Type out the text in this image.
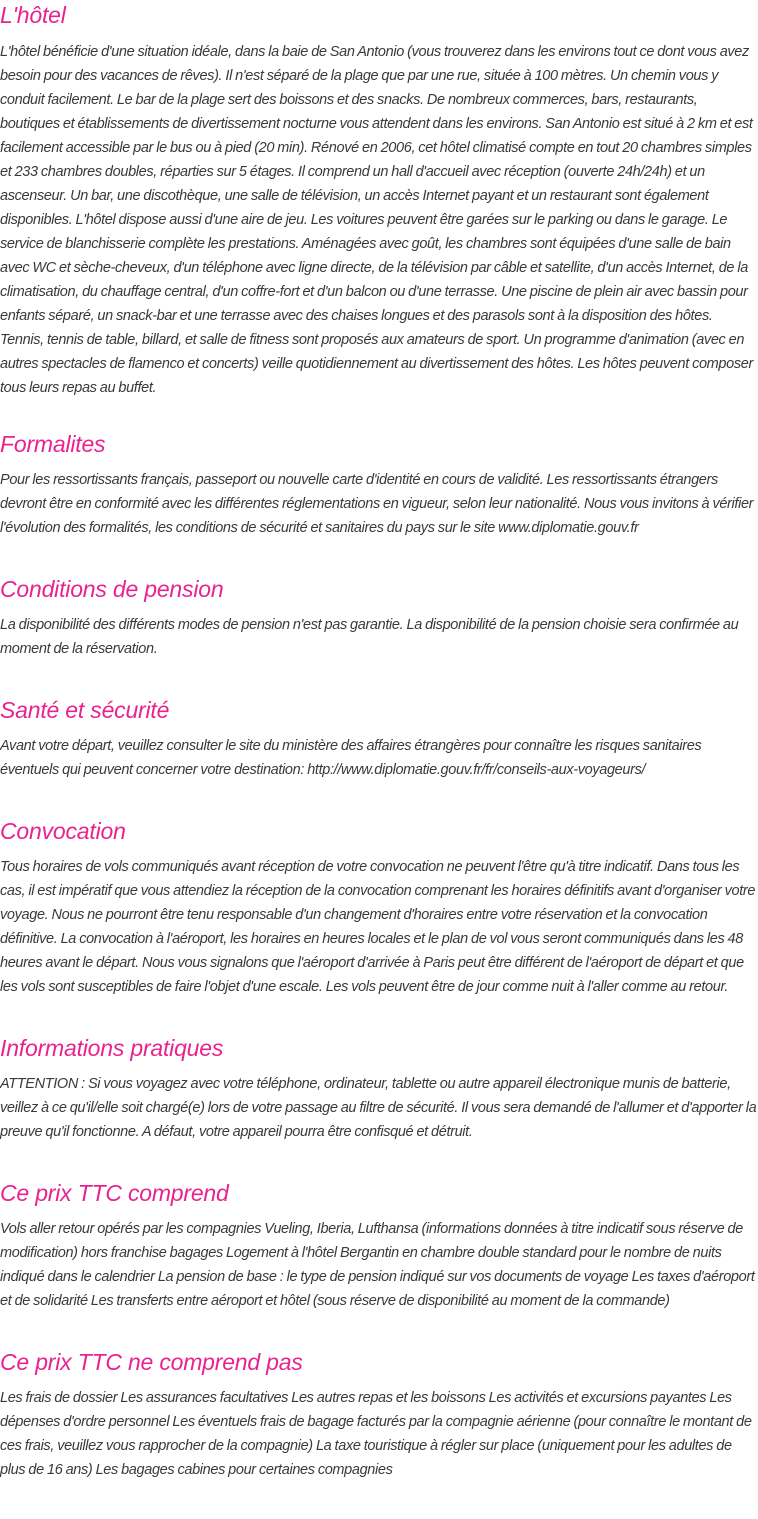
L'hôtel

L'hôtel bénéficie d'une situation idéale, dans la baie de San Antonio (vous trouverez dans les environs tout ce dont vous avez besoin pour des vacances de rêves). Il n'est séparé de la plage que par une rue, située à 100 mètres. Un chemin vous y conduit facilement. Le bar de la plage sert des boissons et des snacks. De nombreux commerces, bars, restaurants, boutiques et établissements de divertissement nocturne vous attendent dans les environs. San Antonio est situé à 2 km et est facilement accessible par le bus ou à pied (20 min). Rénové en 2006, cet hôtel climatisé compte en tout 20 chambres simples et 233 chambres doubles, réparties sur 5 étages. Il comprend un hall d'accueil avec réception (ouverte 24h/24h) et un ascenseur. Un bar, une discothèque, une salle de télévision, un accès Internet payant et un restaurant sont également disponibles. L'hôtel dispose aussi d'une aire de jeu. Les voitures peuvent être garées sur le parking ou dans le garage. Le service de blanchisserie complète les prestations. Aménagées avec goût, les chambres sont équipées d'une salle de bain avec WC et sèche-cheveux, d'un téléphone avec ligne directe, de la télévision par câble et satellite, d'un accès Internet, de la climatisation, du chauffage central, d'un coffre-fort et d'un balcon ou d'une terrasse. Une piscine de plein air avec bassin pour enfants séparé, un snack-bar et une terrasse avec des chaises longues et des parasols sont à la disposition des hôtes. Tennis, tennis de table, billard, et salle de fitness sont proposés aux amateurs de sport. Un programme d'animation (avec en autres spectacles de flamenco et concerts) veille quotidiennement au divertissement des hôtes. Les hôtes peuvent composer tous leurs repas au buffet.

Formalites

Pour les ressortissants français, passeport ou nouvelle carte d'identité en cours de validité. Les ressortissants étrangers devront être en conformité avec les différentes réglementations en vigueur, selon leur nationalité. Nous vous invitons à vérifier l'évolution des formalités, les conditions de sécurité et sanitaires du pays sur le site www.diplomatie.gouv.fr

Conditions de pension

La disponibilité des différents modes de pension n'est pas garantie. La disponibilité de la pension choisie sera confirmée au moment de la réservation.

Santé et sécurité

Avant votre départ, veuillez consulter le site du ministère des affaires étrangères pour connaître les risques sanitaires éventuels qui peuvent concerner votre destination: http://www.diplomatie.gouv.fr/fr/conseils-aux-voyageurs/

Convocation

Tous horaires de vols communiqués avant réception de votre convocation ne peuvent l'être qu'à titre indicatif. Dans tous les cas, il est impératif que vous attendiez la réception de la convocation comprenant les horaires définitifs avant d'organiser votre voyage. Nous ne pourront être tenu responsable d'un changement d'horaires entre votre réservation et la convocation définitive. La convocation à l'aéroport, les horaires en heures locales et le plan de vol vous seront communiqués dans les 48 heures avant le départ. Nous vous signalons que l'aéroport d'arrivée à Paris peut être différent de l'aéroport de départ et que les vols sont susceptibles de faire l'objet d'une escale. Les vols peuvent être de jour comme nuit à l'aller comme au retour.

Informations pratiques

ATTENTION : Si vous voyagez avec votre téléphone, ordinateur, tablette ou autre appareil électronique munis de batterie, veillez à ce qu'il/elle soit chargé(e) lors de votre passage au filtre de sécurité. Il vous sera demandé de l'allumer et d'apporter la preuve qu'il fonctionne. A défaut, votre appareil pourra être confisqué et détruit.

Ce prix TTC comprend

Vols aller retour opérés par les compagnies Vueling, Iberia, Lufthansa (informations données à titre indicatif sous réserve de modification) hors franchise bagages Logement à l'hôtel Bergantin en chambre double standard pour le nombre de nuits indiqué dans le calendrier La pension de base : le type de pension indiqué sur vos documents de voyage Les taxes d'aéroport et de solidarité Les transferts entre aéroport et hôtel (sous réserve de disponibilité au moment de la commande)

Ce prix TTC ne comprend pas

Les frais de dossier Les assurances facultatives Les autres repas et les boissons Les activités et excursions payantes Les dépenses d'ordre personnel Les éventuels frais de bagage facturés par la compagnie aérienne (pour connaître le montant de ces frais, veuillez vous rapprocher de la compagnie) La taxe touristique à régler sur place (uniquement pour les adultes de plus de 16 ans) Les bagages cabines pour certaines compagnies
